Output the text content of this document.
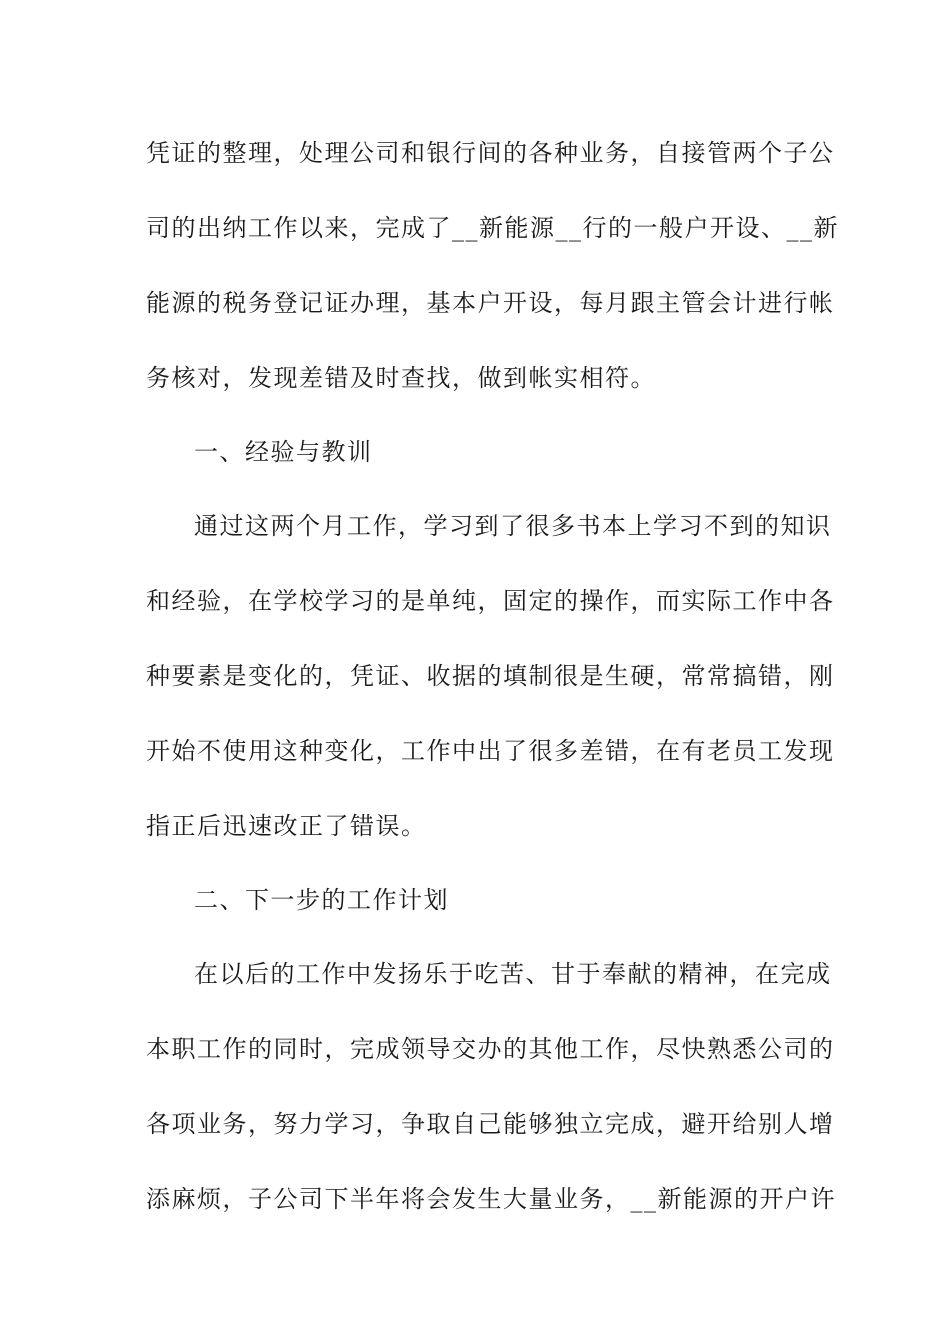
凭证的整理，处理公司和银行间的各种业务，自接管两个子公
司的出纳工作以来，完成了__新能源__行的一般户开设、__新
能源的税务登记证办理，基本户开设，每月跟主管会计进行帐
务核对，发现差错及时查找，做到帐实相符。
一、经验与教训
通过这两个月工作，学习到了很多书本上学习不到的知识
和经验，在学校学习的是单纯，固定的操作，而实际工作中各
种要素是变化的，凭证、收据的填制很是生硬，常常搞错，刚
开始不使用这种变化，工作中出了很多差错，在有老员工发现
指正后迅速改正了错误。
二、下一步的工作计划
在以后的工作中发扬乐于吃苦、甘于奉献的精神，在完成
本职工作的同时，完成领导交办的其他工作，尽快熟悉公司的
各项业务，努力学习，争取自己能够独立完成，避开给别人增
添麻烦，子公司下半年将会发生大量业务，__新能源的开户许
